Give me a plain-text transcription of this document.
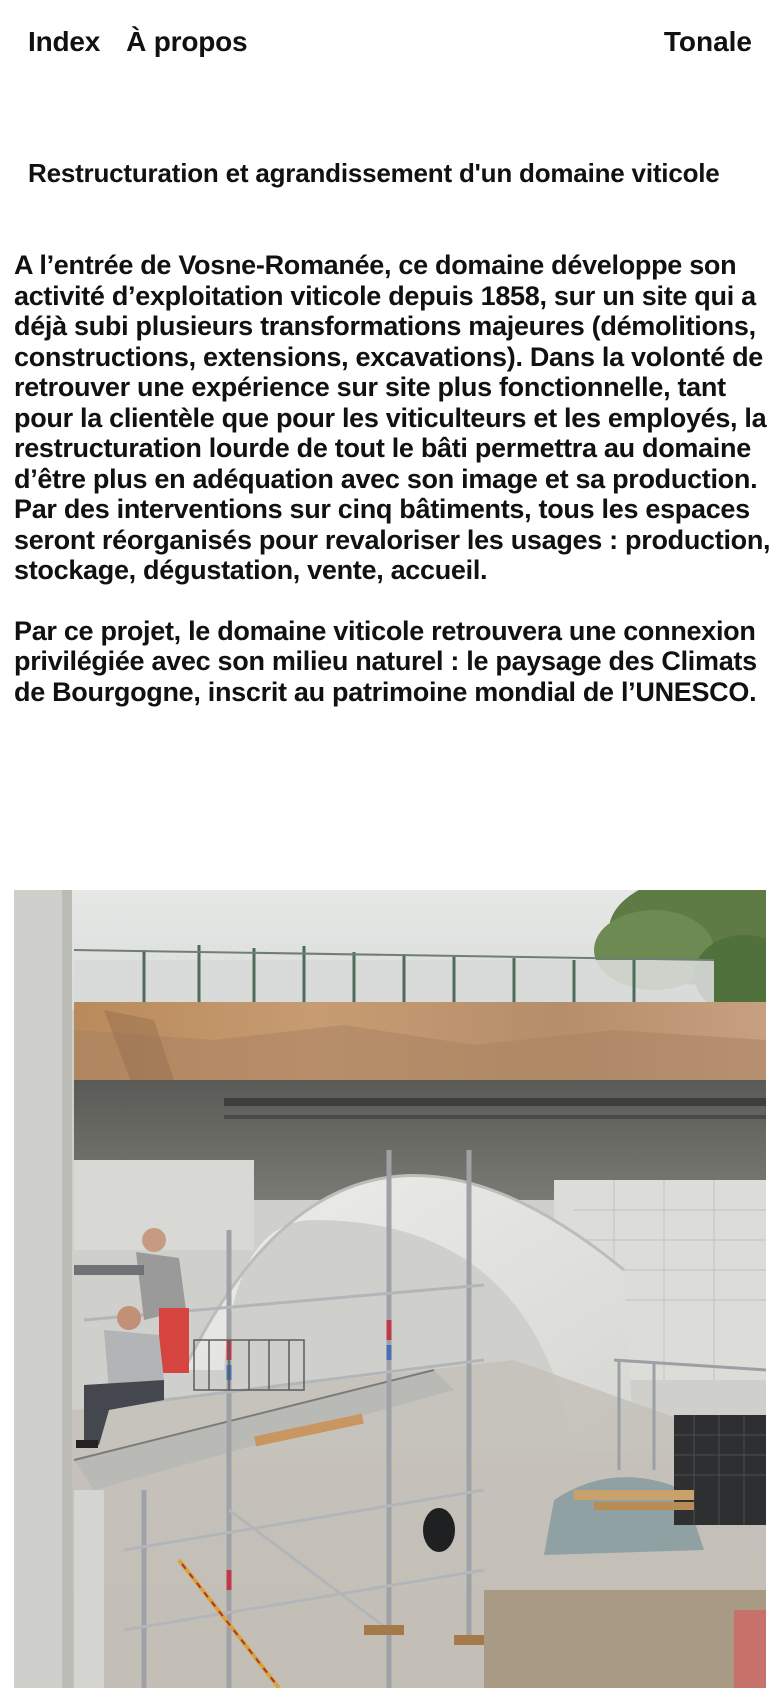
Index À propos	Tonale
Restructuration et agrandissement d'un domaine viticole

A l’entrée de Vosne-Romanée, ce domaine développe son activité d’exploitation viticole depuis 1858, sur un site qui a déjà subi plusieurs transformations majeures (démolitions, constructions, extensions, excavations). Dans la volonté de retrouver une expérience sur site plus fonctionnelle, tant pour la clientèle que pour les viticulteurs et les employés, la restructuration lourde de tout le bâti permettra au domaine d’être plus en adéquation avec son image et sa production. Par des interventions sur cinq bâtiments, tous les espaces seront réorganisés pour revaloriser les usages : production, stockage, dégustation, vente, accueil.

Par ce projet, le domaine viticole retrouvera une connexion privilégiée avec son milieu naturel : le paysage des Climats de Bourgogne, inscrit au patrimoine mondial de l’UNESCO.
